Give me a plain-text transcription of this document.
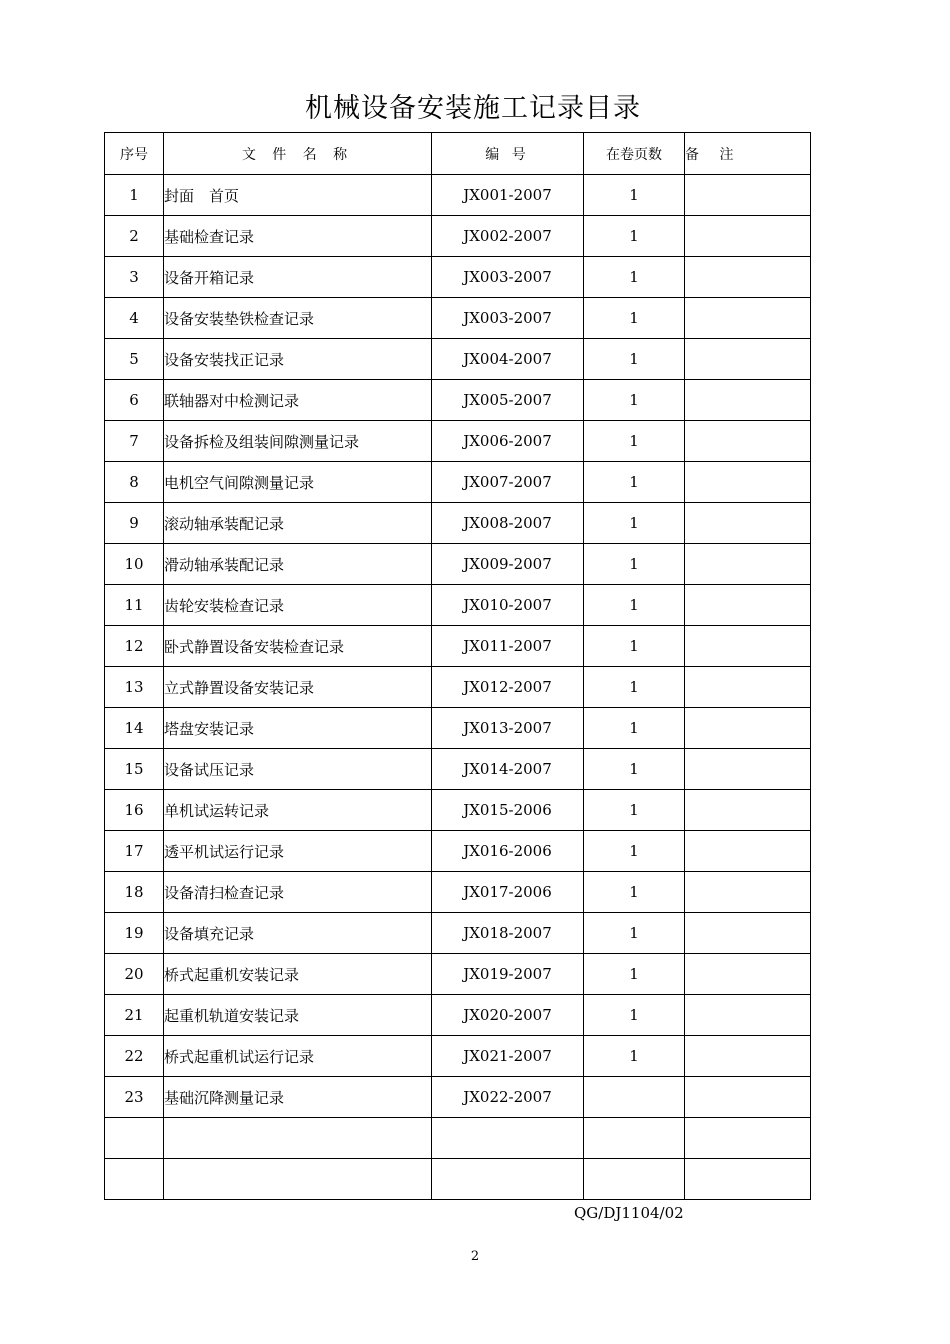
机械设备安装施工记录目录
序号	文 件 名 称	编 号	在卷页数	备 注
1	封面　首页	JX001-2007	1	
2	基础检查记录	JX002-2007	1	
3	设备开箱记录	JX003-2007	1	
4	设备安装垫铁检查记录	JX003-2007	1	
5	设备安装找正记录	JX004-2007	1	
6	联轴器对中检测记录	JX005-2007	1	
7	设备拆检及组装间隙测量记录	JX006-2007	1	
8	电机空气间隙测量记录	JX007-2007	1	
9	滚动轴承装配记录	JX008-2007	1	
10	滑动轴承装配记录	JX009-2007	1	
11	齿轮安装检查记录	JX010-2007	1	
12	卧式静置设备安装检查记录	JX011-2007	1	
13	立式静置设备安装记录	JX012-2007	1	
14	塔盘安装记录	JX013-2007	1	
15	设备试压记录	JX014-2007	1	
16	单机试运转记录	JX015-2006	1	
17	透平机试运行记录	JX016-2006	1	
18	设备清扫检查记录	JX017-2006	1	
19	设备填充记录	JX018-2007	1	
20	桥式起重机安装记录	JX019-2007	1	
21	起重机轨道安装记录	JX020-2007	1	
22	桥式起重机试运行记录	JX021-2007	1	
23	基础沉降测量记录	JX022-2007		

QG/DJ1104/02
2
